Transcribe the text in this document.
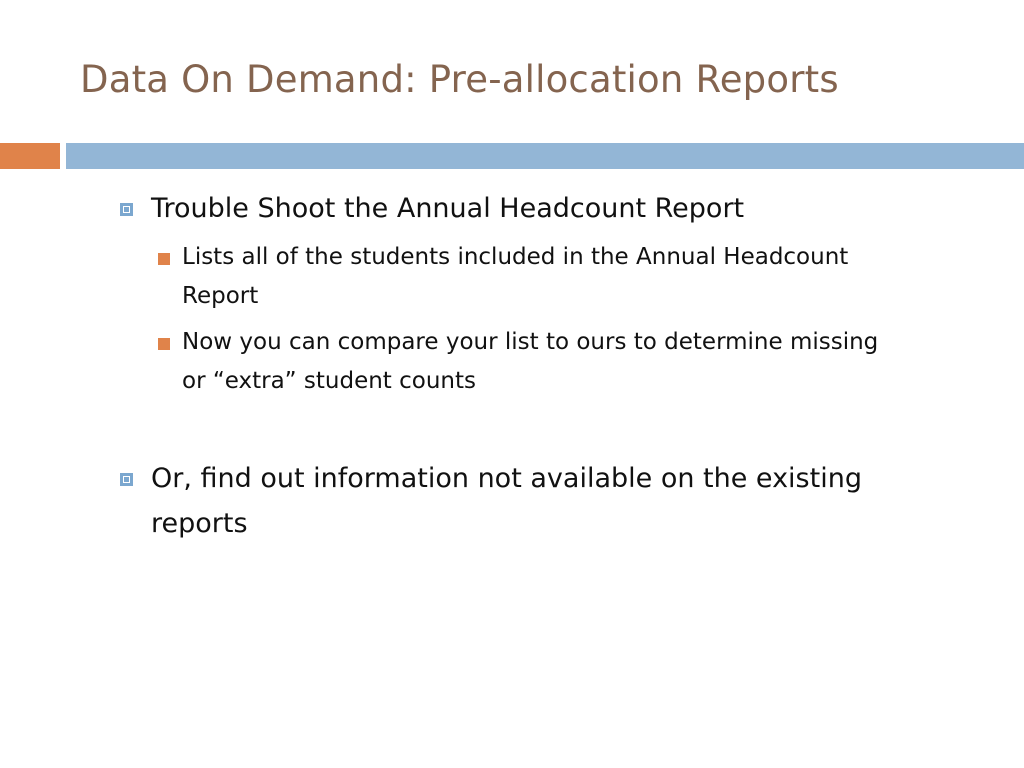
Data On Demand: Pre-allocation Reports
Trouble Shoot the Annual Headcount Report
Lists all of the students included in the Annual Headcount
Report
Now you can compare your list to ours to determine missing
or “extra” student counts
Or, find out information not available on the existing
reports
